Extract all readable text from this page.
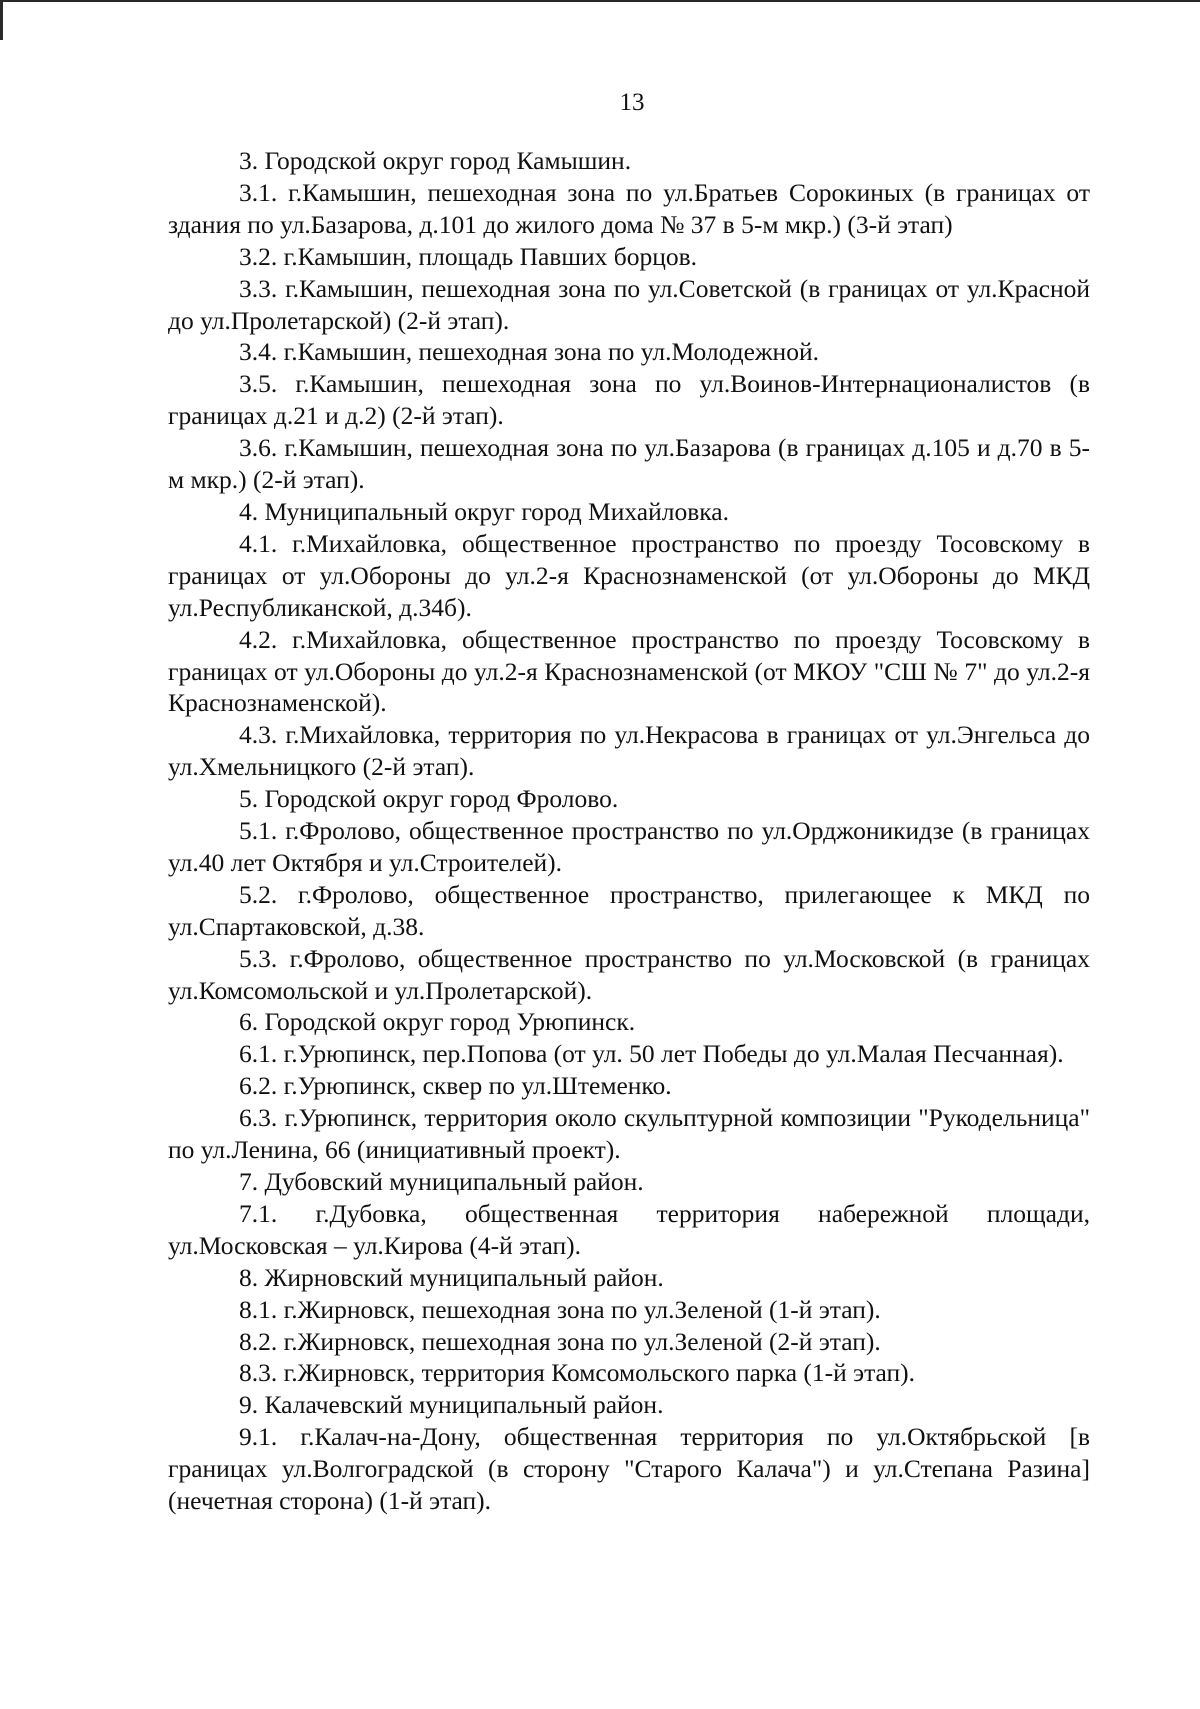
13

3. Городской округ город Камышин.

3.1. г.Камышин, пешеходная зона по ул.Братьев Сорокиных (в границах от здания по ул.Базарова, д.101 до жилого дома № 37 в 5-м мкр.) (3-й этап)

3.2. г.Камышин, площадь Павших борцов.

3.3. г.Камышин, пешеходная зона по ул.Советской (в границах от ул.Красной до ул.Пролетарской) (2-й этап).

3.4. г.Камышин, пешеходная зона по ул.Молодежной.

3.5. г.Камышин, пешеходная зона по ул.Воинов-Интернационалистов (в границах д.21 и д.2) (2-й этап).

3.6. г.Камышин, пешеходная зона по ул.Базарова (в границах д.105 и д.70 в 5-м мкр.) (2-й этап).

4. Муниципальный округ город Михайловка.

4.1. г.Михайловка, общественное пространство по проезду Тосовскому в границах от ул.Обороны до ул.2-я Краснознаменской (от ул.Обороны до МКД ул.Республиканской, д.34б).

4.2. г.Михайловка, общественное пространство по проезду Тосовскому в границах от ул.Обороны до ул.2-я Краснознаменской (от МКОУ "СШ № 7" до ул.2-я Краснознаменской).

4.3. г.Михайловка, территория по ул.Некрасова в границах от ул.Энгельса до ул.Хмельницкого (2-й этап).

5. Городской округ город Фролово.

5.1. г.Фролово, общественное пространство по ул.Орджоникидзе (в границах ул.40 лет Октября и ул.Строителей).

5.2. г.Фролово, общественное пространство, прилегающее к МКД по ул.Спартаковской, д.38.

5.3. г.Фролово, общественное пространство по ул.Московской (в границах ул.Комсомольской и ул.Пролетарской).

6. Городской округ город Урюпинск.

6.1. г.Урюпинск, пер.Попова (от ул. 50 лет Победы до ул.Малая Песчанная).

6.2. г.Урюпинск, сквер по ул.Штеменко.

6.3. г.Урюпинск, территория около скульптурной композиции "Рукодельница" по ул.Ленина, 66 (инициативный проект).

7. Дубовский муниципальный район.

7.1. г.Дубовка, общественная территория набережной площади, ул.Московская – ул.Кирова (4-й этап).

8. Жирновский муниципальный район.

8.1. г.Жирновск, пешеходная зона по ул.Зеленой (1-й этап).

8.2. г.Жирновск, пешеходная зона по ул.Зеленой (2-й этап).

8.3. г.Жирновск, территория Комсомольского парка (1-й этап).

9. Калачевский муниципальный район.

9.1. г.Калач-на-Дону, общественная территория по ул.Октябрьской [в границах ул.Волгоградской (в сторону "Старого Калача") и ул.Степана Разина] (нечетная сторона) (1-й этап).
